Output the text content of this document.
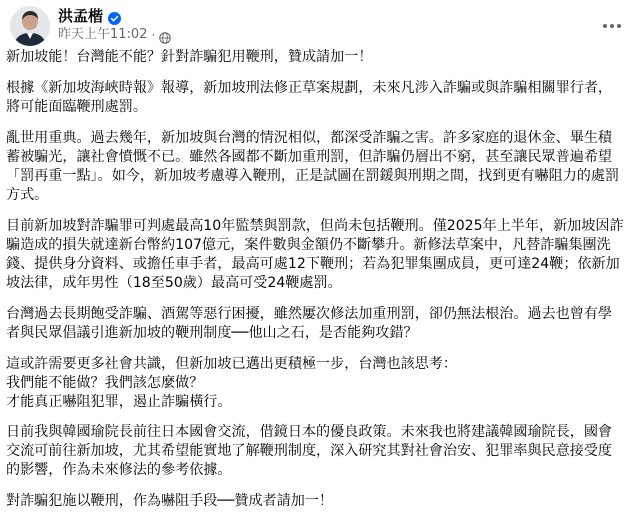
洪孟楷
昨天上午11:02 ·

新加坡能！台灣能不能？針對詐騙犯用鞭刑，贊成請加一！

根據《新加坡海峽時報》報導，新加坡刑法修正草案規劃，未來凡涉入詐騙或與詐騙相關罪行者，
將可能面臨鞭刑處罰。

亂世用重典。過去幾年，新加坡與台灣的情況相似，都深受詐騙之害。許多家庭的退休金、畢生積
蓄被騙光，讓社會憤慨不已。雖然各國都不斷加重刑罰，但詐騙仍層出不窮，甚至讓民眾普遍希望
「罰再重一點」。如今，新加坡考慮導入鞭刑，正是試圖在罰鍰與刑期之間，找到更有嚇阻力的處罰
方式。

目前新加坡對詐騙罪可判處最高10年監禁與罰款，但尚未包括鞭刑。僅2025年上半年，新加坡因詐
騙造成的損失就達新台幣約107億元，案件數與金額仍不斷攀升。新修法草案中，凡替詐騙集團洗
錢、提供身分資料、或擔任車手者，最高可處12下鞭刑；若為犯罪集團成員，更可達24鞭；依新加
坡法律，成年男性（18至50歲）最高可受24鞭處罰。

台灣過去長期飽受詐騙、酒駕等惡行困擾，雖然屢次修法加重刑罰，卻仍無法根治。過去也曾有學
者與民眾倡議引進新加坡的鞭刑制度──他山之石，是否能夠攻錯？

這或許需要更多社會共識，但新加坡已邁出更積極一步，台灣也該思考：
我們能不能做？我們該怎麼做？
才能真正嚇阻犯罪，遏止詐騙橫行。

日前我與韓國瑜院長前往日本國會交流，借鏡日本的優良政策。未來我也將建議韓國瑜院長，國會
交流可前往新加坡，尤其希望能實地了解鞭刑制度，深入研究其對社會治安、犯罪率與民意接受度
的影響，作為未來修法的參考依據。

對詐騙犯施以鞭刑，作為嚇阻手段──贊成者請加一！
